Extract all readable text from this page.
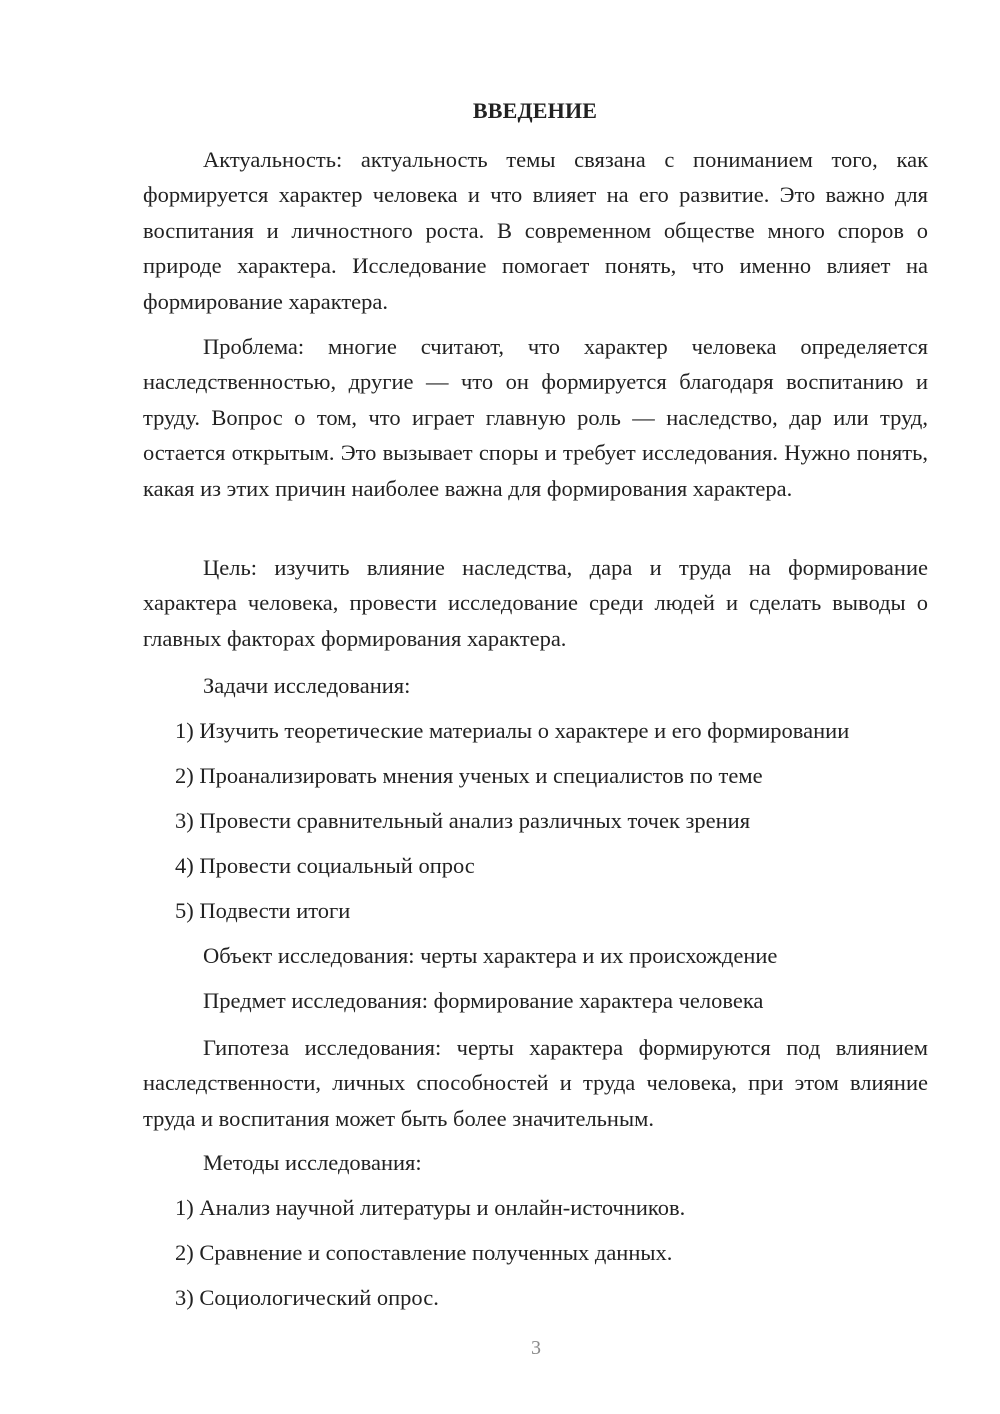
ВВЕДЕНИЕ

Актуальность: актуальность темы связана с пониманием того, как формируется характер человека и что влияет на его развитие. Это важно для воспитания и личностного роста. В современном обществе много споров о природе характера. Исследование помогает понять, что именно влияет на формирование характера.

Проблема: многие считают, что характер человека определяется наследственностью, другие — что он формируется благодаря воспитанию и труду. Вопрос о том, что играет главную роль — наследство, дар или труд, остается открытым. Это вызывает споры и требует исследования. Нужно понять, какая из этих причин наиболее важна для формирования характера.

Цель: изучить влияние наследства, дара и труда на формирование характера человека, провести исследование среди людей и сделать выводы о главных факторах формирования характера.

Задачи исследования:

1) Изучить теоретические материалы о характере и его формировании

2) Проанализировать мнения ученых и специалистов по теме

3) Провести сравнительный анализ различных точек зрения

4) Провести социальный опрос

5) Подвести итоги

Объект исследования: черты характера и их происхождение

Предмет исследования: формирование характера человека

Гипотеза исследования: черты характера формируются под влиянием наследственности, личных способностей и труда человека, при этом влияние труда и воспитания может быть более значительным.

Методы исследования:

1) Анализ научной литературы и онлайн-источников.

2) Сравнение и сопоставление полученных данных.

3) Социологический опрос.

3
